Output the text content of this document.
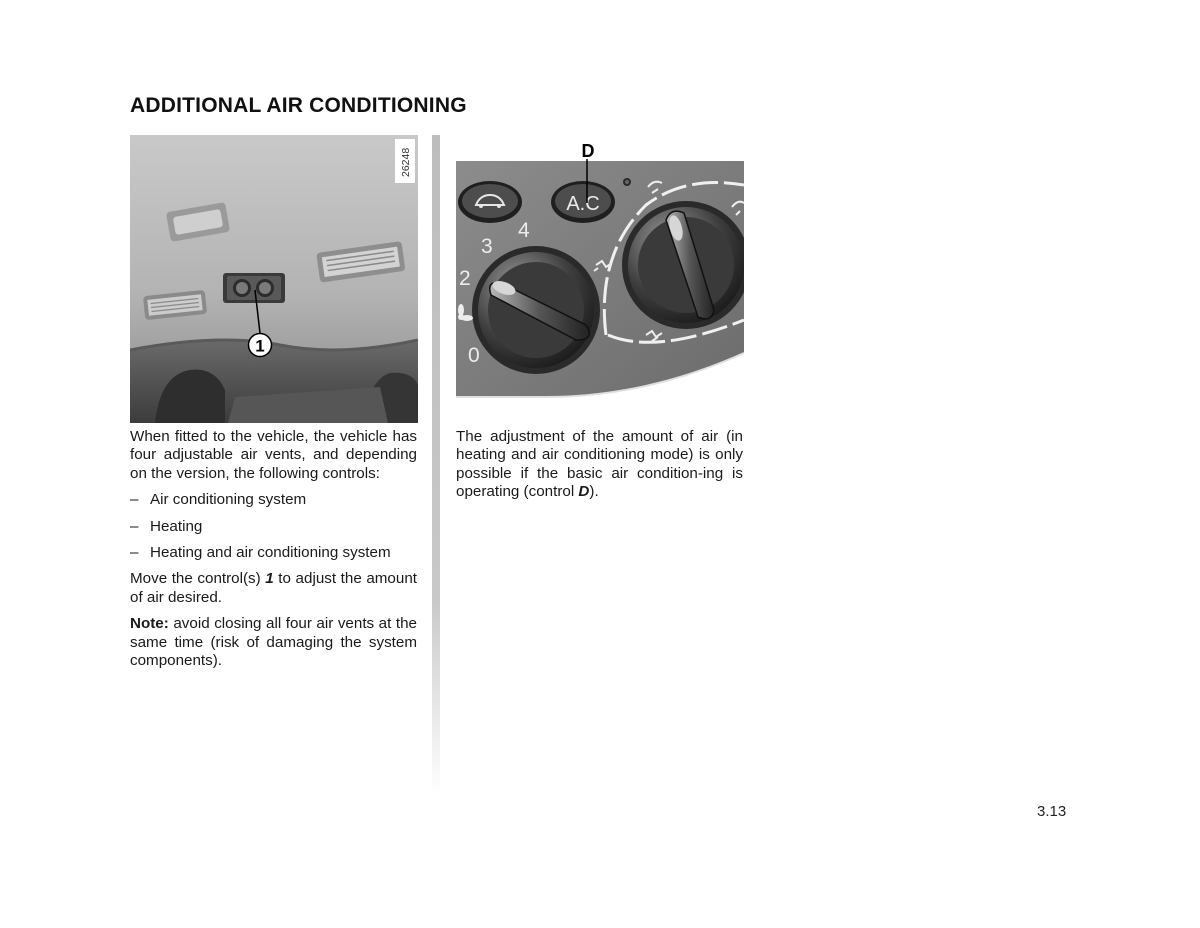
ADDITIONAL AIR CONDITIONING
1
26248
A.C
0
2
3
4
D

When fitted to the vehicle, the vehicle has four adjustable air vents, and depending on the version, the following controls:

– Air conditioning system
– Heating
– Heating and air conditioning system

Move the control(s) 1 to adjust the amount of air desired.

Note: avoid closing all four air vents at the same time (risk of damaging the system components).

The adjustment of the amount of air (in heating and air conditioning mode) is only possible if the basic air condition-ing is operating (control D).

3.13
